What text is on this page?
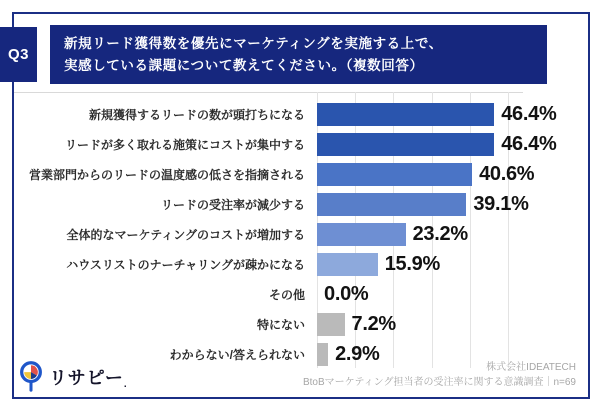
Q3
新規リード獲得数を優先にマーケティングを実施する上で、
実感している課題について教えてください。（複数回答）
新規獲得するリードの数が頭打ちになる	46.4%
リードが多く取れる施策にコストが集中する	46.4%
営業部門からのリードの温度感の低さを指摘される	40.6%
リードの受注率が減少する	39.1%
全体的なマーケティングのコストが増加する	23.2%
ハウスリストのナーチャリングが疎かになる	15.9%
その他 0.0%
特にない	7.2%
わからない/答えられない	2.9%
リサピー .
株式会社IDEATECH
BtoBマーケティング担当者の受注率に関する意識調査｜n=69
